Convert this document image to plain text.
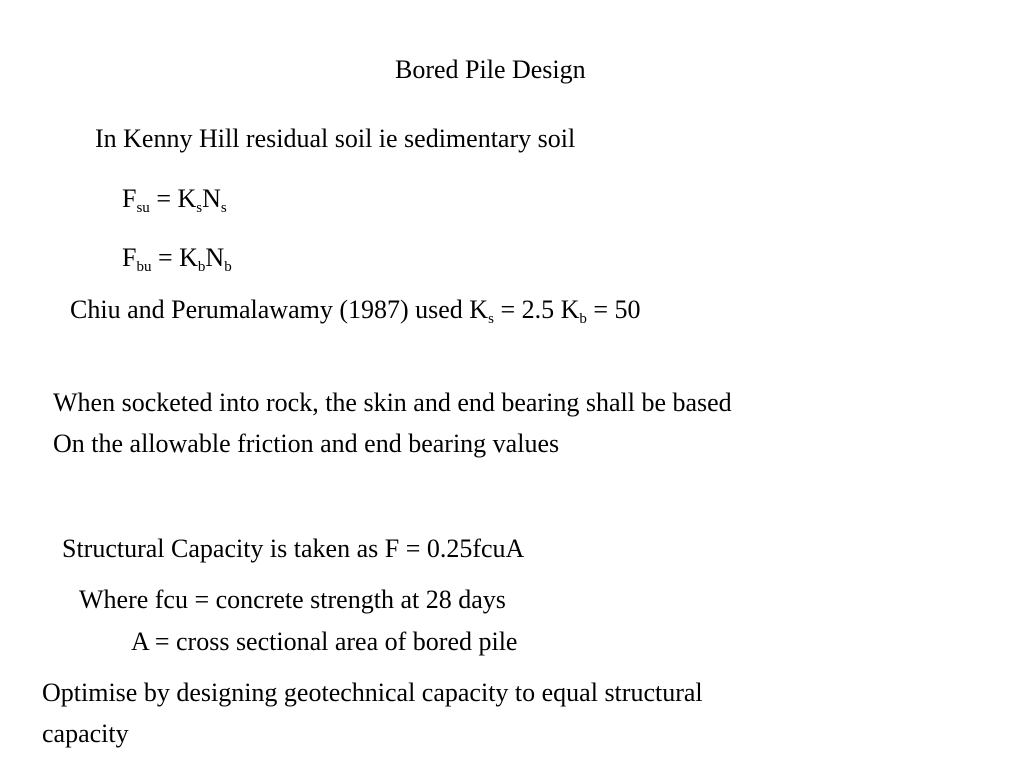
Bored Pile Design
In Kenny Hill residual soil ie sedimentary soil
$F_{su} = K_sN_s$
$F_{bu} = K_bN_b$
Chiu and Perumalawamy (1987) used $K_s = 2.5$ $K_b = 50$
When socketed into rock, the skin and end bearing shall be based
On the allowable friction and end bearing values
Structural Capacity is taken as F = 0.25fcuA
Where fcu = concrete strength at 28 days
A = cross sectional area of bored pile
Optimise by designing geotechnical capacity to equal structural
capacity
